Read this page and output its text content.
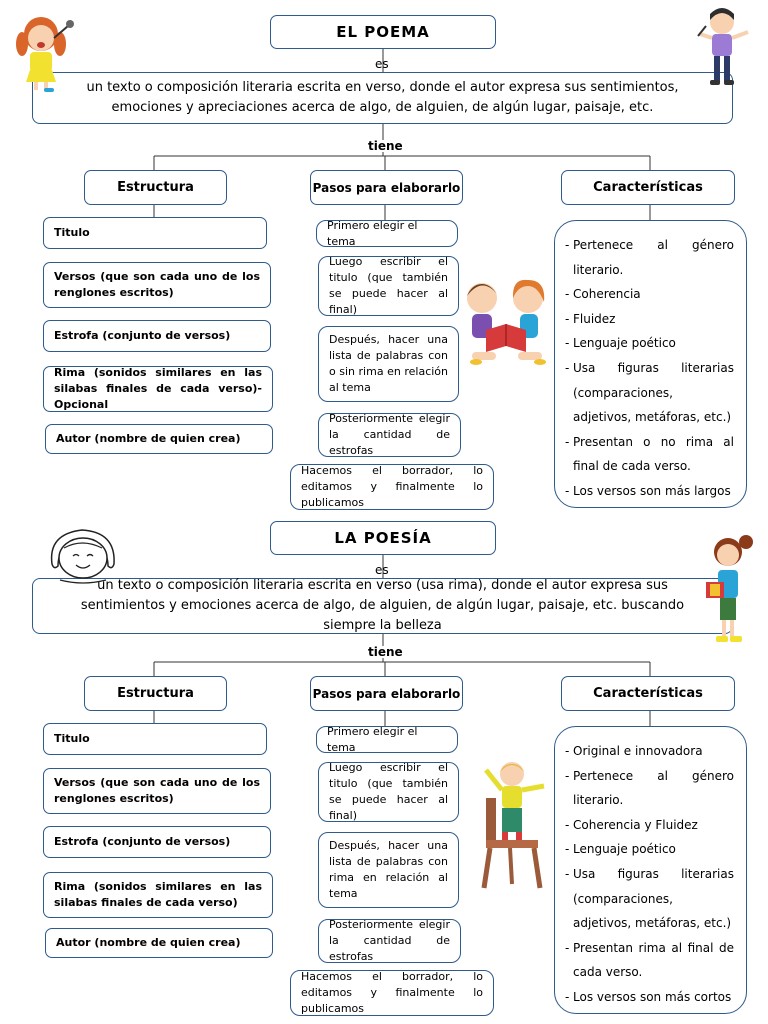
EL POEMA
es
un texto o composición literaria escrita en verso, donde el autor expresa sus sentimientos, emociones y apreciaciones acerca de algo, de alguien, de algún lugar, paisaje, etc.
tiene
Estructura	Pasos para elaborarlo	Características
Titulo
Versos (que son cada uno de los renglones escritos)
Estrofa (conjunto de versos)
Rima (sonidos similares en las silabas finales de cada verso)- Opcional
Autor (nombre de quien crea)
Primero elegir el tema
Luego escribir el titulo (que también se puede hacer al final)
Después, hacer una lista de palabras con o sin rima en relación al tema
Posteriormente elegir la cantidad de estrofas
Hacemos el borrador, lo editamos y finalmente lo publicamos
- Pertenece al género literario.
- Coherencia
- Fluidez
- Lenguaje poético
- Usa figuras literarias (comparaciones, adjetivos, metáforas, etc.)
- Presentan o no rima al final de cada verso.
- Los versos son más largos
LA POESÍA
es
un texto o composición literaria escrita en verso (usa rima), donde el autor expresa sus sentimientos y emociones acerca de algo, de alguien, de algún lugar, paisaje, etc. buscando siempre la belleza
tiene
Estructura	Pasos para elaborarlo	Características
Titulo
Versos (que son cada uno de los renglones escritos)
Estrofa (conjunto de versos)
Rima (sonidos similares en las silabas finales de cada verso)
Autor (nombre de quien crea)
Primero elegir el tema
Luego escribir el titulo (que también se puede hacer al final)
Después, hacer una lista de palabras con rima en relación al tema
Posteriormente elegir la cantidad de estrofas
Hacemos el borrador, lo editamos y finalmente lo publicamos
- Original e innovadora
- Pertenece al género literario.
- Coherencia y Fluidez
- Lenguaje poético
- Usa figuras literarias (comparaciones, adjetivos, metáforas, etc.)
- Presentan rima al final de cada verso.
- Los versos son más cortos
